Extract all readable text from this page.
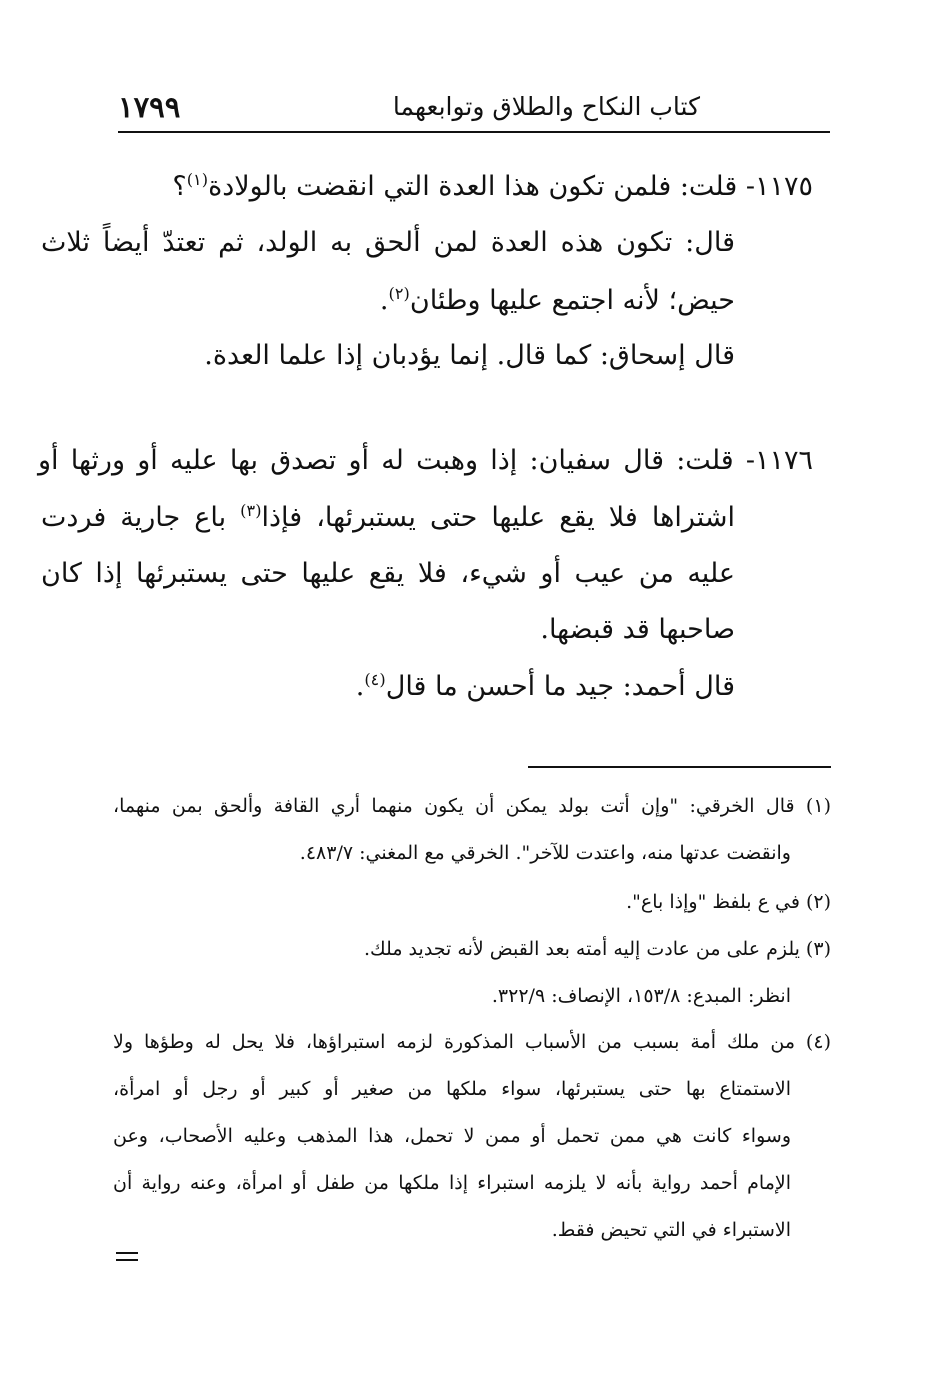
كتاب النكاح والطلاق وتوابعهما
١٧٩٩
١١٧٥- قلت: فلمن تكون هذا العدة التي انقضت بالولادة$^{(١)}$؟
قال: تكون هذه العدة لمن ألحق به الولد، ثم تعتدّ أيضاً ثلاث
حيض؛ لأنه اجتمع عليها وطئان$^{(٢)}$.
قال إسحاق: كما قال. إنما يؤدبان إذا علما العدة.
١١٧٦- قلت: قال سفيان: إذا وهبت له أو تصدق بها عليه أو ورثها أو
اشتراها فلا يقع عليها حتى يستبرئها، فإذا$^{(٣)}$ باع جارية فردت
عليه من عيب أو شيء، فلا يقع عليها حتى يستبرئها إذا كان
صاحبها قد قبضها.
قال أحمد: جيد ما أحسن ما قال$^{(٤)}$.
(١) قال الخرقي: "وإن أتت بولد يمكن أن يكون منهما أري القافة وألحق بمن منهما،
وانقضت عدتها منه، واعتدت للآخر". الخرقي مع المغني: ٤٨٣/٧.
(٢) في ع بلفظ "وإذا باع".
(٣) يلزم على من عادت إليه أمته بعد القبض لأنه تجديد ملك.
انظر: المبدع: ١٥٣/٨، الإنصاف: ٣٢٢/٩.
(٤) من ملك أمة بسبب من الأسباب المذكورة لزمه استبراؤها، فلا يحل له وطؤها ولا
الاستمتاع بها حتى يستبرئها، سواء ملكها من صغير أو كبير أو رجل أو امرأة،
وسواء كانت هي ممن تحمل أو ممن لا تحمل، هذا المذهب وعليه الأصحاب، وعن
الإمام أحمد رواية بأنه لا يلزمه استبراء إذا ملكها من طفل أو امرأة، وعنه رواية أن
الاستبراء في التي تحيض فقط.
